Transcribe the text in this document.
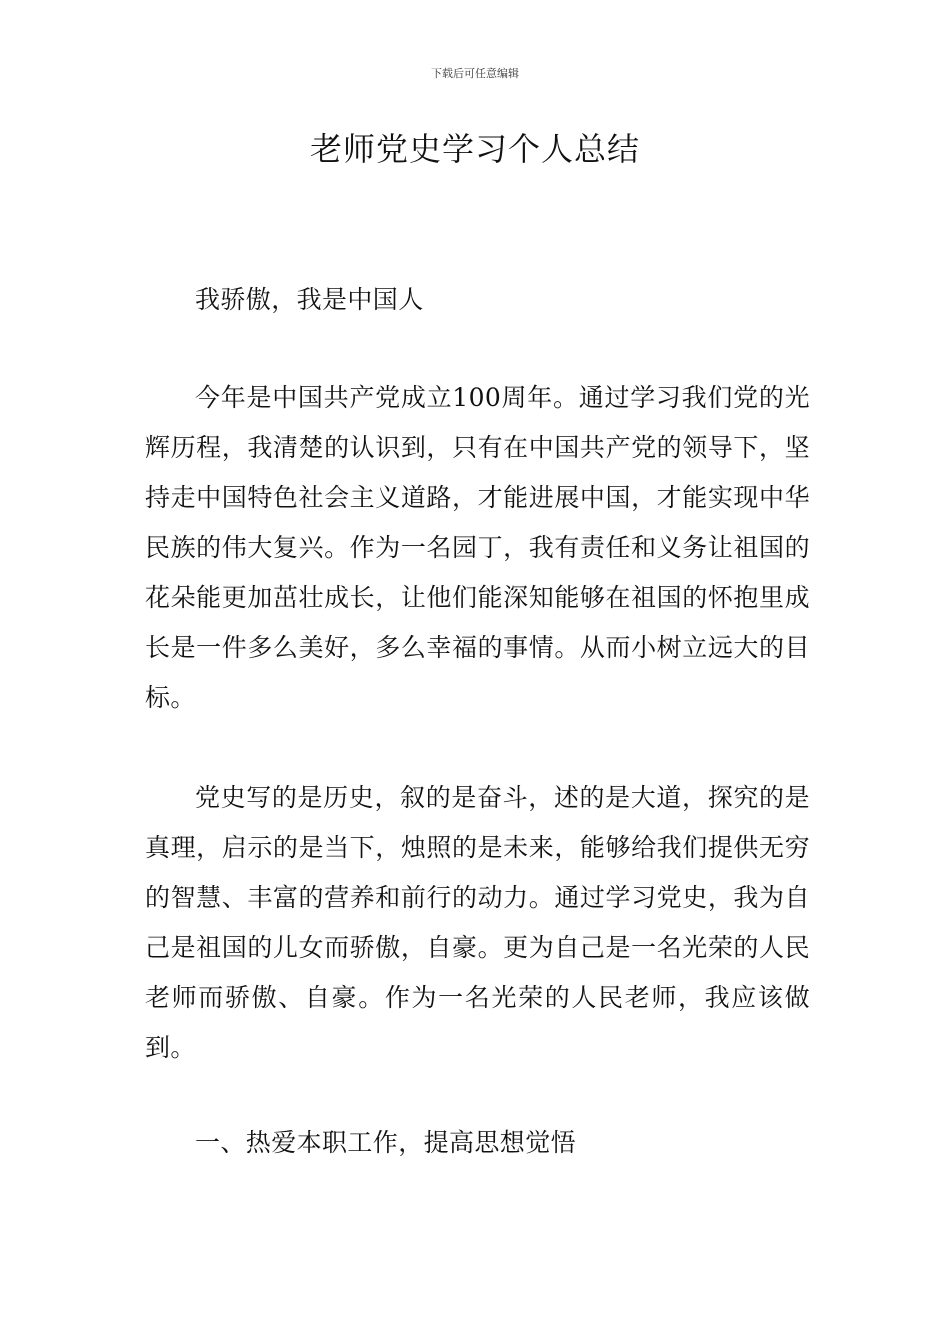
下载后可任意编辑
老师党史学习个人总结

我骄傲，我是中国人

今年是中国共产党成立100周年。通过学习我们党的光辉历程，我清楚的认识到，只有在中国共产党的领导下，坚持走中国特色社会主义道路，才能进展中国，才能实现中华民族的伟大复兴。作为一名园丁，我有责任和义务让祖国的花朵能更加茁壮成长，让他们能深知能够在祖国的怀抱里成长是一件多么美好，多么幸福的事情。从而小树立远大的目标。

党史写的是历史，叙的是奋斗，述的是大道，探究的是真理，启示的是当下，烛照的是未来，能够给我们提供无穷的智慧、丰富的营养和前行的动力。通过学习党史，我为自己是祖国的儿女而骄傲，自豪。更为自己是一名光荣的人民老师而骄傲、自豪。作为一名光荣的人民老师，我应该做到。

一、热爱本职工作，提高思想觉悟
